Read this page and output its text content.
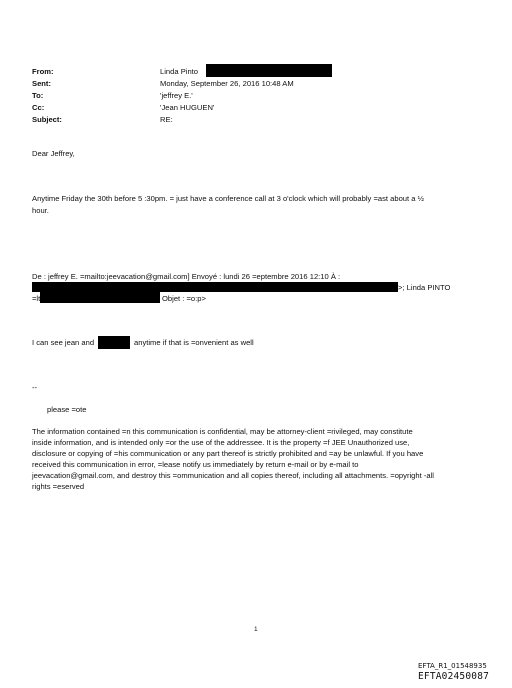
From:	Linda Pinto
Sent:	Monday, September 26, 2016 10:48 AM
To:	'jeffrey E.'
Cc:	'Jean HUGUEN'
Subject:	RE:
Dear Jeffrey,
Anytime Friday the 30th before 5 :30pm. = just have a conference call at 3 o'clock which will probably =ast about a ½
hour.
De : jeffrey E. =mailto:jeevacation@gmail.com] Envoyé : lundi 26 =eptembre 2016 12:10 À :
>; Linda PINTO
=lt	Objet : =o:p>
I can see jean and	anytime if that is =onvenient as well
--
please =ote
The information contained =n this communication is confidential, may be attorney-client =rivileged, may constitute
inside information, and is intended only =or the use of the addressee. It is the property =f JEE Unauthorized use,
disclosure or copying of =his communication or any part thereof is strictly prohibited and =ay be unlawful. If you have
received this communication in error, =lease notify us immediately by return e-mail or by e-mail to
jeevacation@gmail.com, and destroy this =ommunication and all copies thereof, including all attachments. =opyright -all
rights =eserved
1
EFTA_R1_01548935
EFTA02450087
